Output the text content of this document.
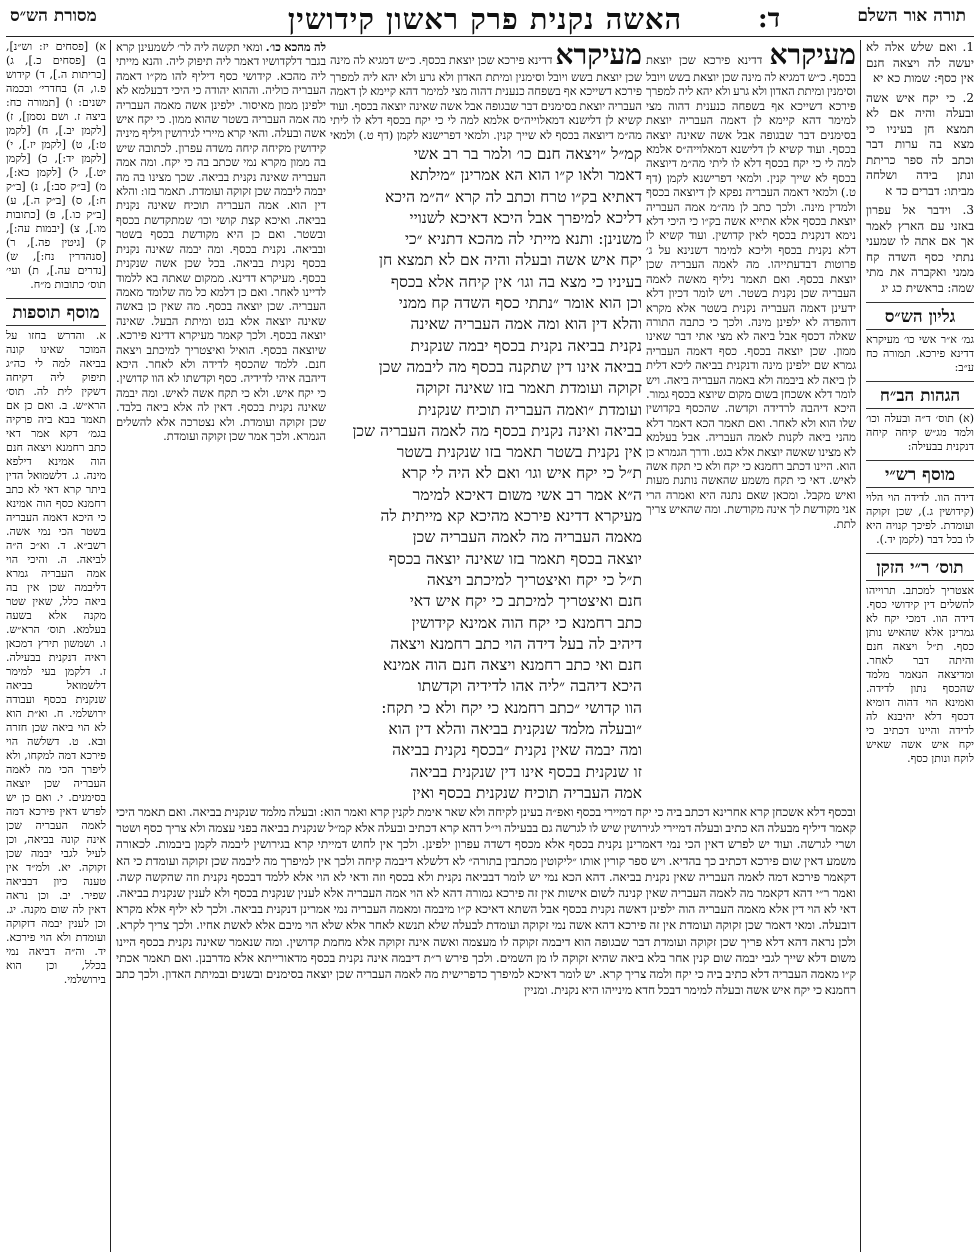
תורה אור השלם
ד:
האשה נקנית פרק ראשון קידושין
מסורת הש״ס
1. ואם שלש אלה לא יעשה לה ויצאה חנם אין כסף: שמות כא יא
2. כי יקח איש אשה ובעלה והיה אם לא תמצא חן בעיניו כי מצא בה ערות דבר וכתב לה ספר כריתת ונתן בידה ושלחה מביתו: דברים כד א
3. וידבר אל עפרון באזני עם הארץ לאמר אך אם אתה לו שמעני נתתי כסף השדה קח ממני ואקברה את מתי שמה: בראשית כג יג
גליון הש״ס
גמ׳ א״ר אשי כו׳ מעיקרא דדינא פירכא. תמורה כח ע״ב:
הגהות הב״ח
(א) תוס׳ ד״ה ובעלה וכו׳ ולמד מג״ש קיחה קיחה דנקנית בבעילה:
מוסף רש״י
דידה הוו. לדידה הוי הלוי (קידושין ג.), שכן זקוקה ועומדת. לפיכך קנויה היא לו בכל דבר (לקמן יד.).
תוס׳ ר״י הזקן
אצטריך למכתב. תרוייהו להשלים דין קידושי כסף. דידה הוו. דמכי יקח לא גמרינן אלא שהאיש נותן כסף. ת״ל ויצאה חנם והיתה דבר לאחר. ומדיצאה הנאמר מלמד שהכסף נתון לדידה. ואמינא הוי דהוה דומיא דכסף דלא יהיבנא לה לדידה והיינו דכתיב כי יקח איש אשה שאיש לוקח ונותן כסף.
א) [פסחים יז: וש״נ], ב) [פסחים כ.], ג) [כריתות ה.], ד) קידוש פ.ו, ה) בחדרי׳ ובכמה ישנים: ו) [תמורה כח: ביצה ז. ושם נסמן], ז) [לקמן יב.], ח) [לקמן ט:], ט) [לקמן יז.], י) [לקמן יד:], כ) [לקמן יט.], ל) [לקמן כא:], מ) [ב״ק סב:], נ) [ב״ק ח:], ס) [ב״ק ה.], ע) [ב״ק כו.], פ) [כתובות מו.], צ) [יבמות עה:], ק) [גיטין פה.], ר) [סנהדרין נח:], ש) [נדרים עה.], ת) ועי׳ תוס׳ כתובות מ״ח.
מוסף תוספות
א. והדרש בחזו על המוכר שאינו קונה בביאה למה לי כה״ג תיפוק ליה דקיחה דשקין לית לה. תוס׳ הרא״ש. ב. ואם כן אם תאמר בבא ביה פרקיה בגמ׳ דקא אמר דאי כתב רחמנא ויצאה חנם הוה אמינא דילפא מינה. ג. דלשמואל הדין ביתר קרא דאי לא כתב רחמנא כסף הוה אמינא כי היכא דאמה העבריה בשטר הכי נמי אשה. רשב״א. ד. וא״כ ה״ה לביאה. ה. והיכי הוי אמה העבריה גמרא דליבמה שכן אין בה ביאה כלל, שאין שטר מקנה אלא בשעה בעלמא. תוס׳ הרא״ש. ו. ושמשון תירץ דמכאן ראיה דנקנית בבעילה. ז. דלקמן בעי למימר דלשמואל בביאה שנקנית בכסף ועבודה ירושלמי. ח. וא״ת הוא לא הוי ביאה שכן חזרה ובא. ט. דשלשה הוי פירכא דמה למקחו, ולא ליפרך הכי מה לאמה העבריה שכן יוצאה בסימנים. י. ואם כן יש לפרש דאין פירכא דמה לאמה העבריה שכן אינה קונה בביאה, וכן לעיל לגבי יבמה שכן זקוקה. יא. ולמ״ד אין טענה כיון דבביאה שפיר. יב. וכן נראה דאין לה שום מקנה. יג. וכן לענין יבמה דזקוקה ועומדת ולא הוי פירכא. יד. וה״ה דביאה נמי בכלל, וכן הוא בירושלמי.
מעיקרא דדינא פירכא שכן יוצאת בכסף. כ״ש דמגיא לה מינה שכן יוצאת בשש ויובל וסימנין ומיתת האדון ולא גרע ולא יהא ליה למפרך פירכא דשייכא אף בשפחה כנענית דהוה מצי למימר דהא קיימא לן דאמה העבריה יוצאת בסימנים דבר שבגופה אבל אשה שאינה יוצאה בכסף. ועוד קשיא לן דלישנא דמאלוייה״ס אלמא למה לי כי יקח בכסף דלא לו ליתי מה״מ דיוצאה בכסף לא שייך קנין. ולמאי דפרישנא לקמן (דף ט.) ולמאי דאמה העבריה נפקא לן דיוצאה בכסף ולמדין מינה. ולכך כתב לן מה״מ אמה העבריה יוצאת בכסף אלא אתייא אשה בק״ו כי היכי דלא נימא דנקנית בכסף לאין קדושין. ועוד קשיא לן דלא נקנית בכסף וליכא למימר דשנינא על ג׳ פרוטות דבדעתייהו. מה לאמה העבריה שכן יוצאת בכסף. ואם תאמר ניליף מאשה לאמה העבריה שכן נקנית בשטר. ויש לומר דכיון דלא ידעינן דאמה העבריה נקנית בשטר אלא מקרא דוהפדה לא ילפינן מינה. ולכך כי כתבה התורה שאלה דכסף אבל ביאה לא מצי אתי דבר שאינו ממון. שכן יוצאה בכסף. כסף דאמה העבריה גמרא שם ילפינן מינה ודנקנית בביאה ליכא דלית לן ביאה לא ביבמה ולא באמה העבריה ביאה. ויש לומר דלא אשכחן בשום מקום שיוצא בכסף גמור. היכא דיהבה לרדידה וקדשה. שהכסף בקדושין שלו הוא ולא לאחר. ואם תאמר הכא דאמר דלא מהני ביאה לקנות לאמה העבריה. אבל בעלמא לא מצינו שאשה יוצאת אלא בגט. ודרך הגמרא כן הוא. היינו דכתב רחמנא כי יקח ולא כי תקח אשה לאיש. דאי כי תקח משמע שהאשה נותנת מעות ואיש מקבל. ומכאן שאם נתנה היא ואמרה הרי אני מקודשת לך אינה מקודשת. ומה שהאיש צריך לתת.
קמ״ל ״ויצאה חנם כו׳ ולמר בר רב אשי
דאמר ולאו ק״ו הוא הא אמרינן ״מילתא
דאתיא בק״ו טרח וכתב לה קרא ״ה״מ היכא
דליכא למיפרך אבל היכא דאיכא לשנויי
משנינן: ותנא מייתי לה מהכא דתניא ״כי
יקח איש אשה ובעלה והיה אם לא תמצא חן
בעיניו כי מצא בה וגו׳ אין קיחה אלא בכסף
וכן הוא אומר ״נתתי כסף השדה קח ממני
והלא דין הוא ומה אמה העבריה שאינה
נקנית בביאה נקנית בכסף יבמה שנקנית
בביאה אינו דין שתקנה בכסף מה ליבמה שכן
זקוקה ועומדת תאמר בזו שאינה זקוקה
ועומדת ״ואמה העבריה תוכיח שנקנית
בביאה ואינה נקנית בכסף מה לאמה העבריה שכן
אין נקנית בשטר תאמר בזו שנקנית בשטר
ת״ל כי יקח איש וגו׳ ואם לא היה לי קרא
ה״א אמר רב אשי משום דאיכא למימר
מעיקרא דדינא פירכא מהיכא קא מייתית לה
מאמה העבריה מה לאמה העבריה שכן
יוצאה בכסף תאמר בזו שאינה יוצאה בכסף
ת״ל כי יקח ואיצטריך למיכתב ויצאה
חנם ואיצטריך למיכתב כי יקח איש דאי
כתב רחמנא כי יקח הוה אמינא קידושין
דיהיב לה בעל דידה הוי כתב רחמנא ויצאה
חנם ואי כתב רחמנא ויצאה חנם הוה אמינא
היכא דיהבה ״ליה אהו לדידיה וקדשתו
הוו קדושי ״כתב רחמנא כי יקח ולא כי תקח:
״ובעלה מלמד שנקנית בביאה והלא דין הוא
ומה יבמה שאין נקנית ״בכסף נקנית בביאה
זו שנקנית בכסף אינו דין שנקנית בביאה
אמה העבריה תוכיח שנקנית בכסף ואין
מעיקרא דדינא פירכא שכן יוצאת בכסף. כ״ש דמגיא לה מינה שכן יוצאת בשש ויובל וסימנין ומיתת האדון ולא גרע ולא יהא ליה למפרך פירכא דשייכא אף בשפחה כנענית דהוה מצי למימר דהא קיימא לן דאמה העבריה יוצאת בסימנים דבר שבגופה אבל אשה שאינה יוצאה בכסף. ועוד קשיא לן דלישנא דמאלוייה״ס אלמא למה לי כי יקח בכסף דלא לו ליתי מה״מ דיוצאה בכסף לא שייך קנין. ולמאי דפרישנא לקמן (דף ט.) ולמאי
לה מהכא כו׳. ומאי תקשה ליה לר׳ לשמעינן קרא בגבר דלקדושיו דאמר ליה תיפוק ליה. והנא מייתי ליה מהכא. קידושי כסף דיליף להו מק״ו דאמה העבריה כוליה. וההוא יהודה כי היכי דבעלמא לא ילפינן ממון מאיסור. ילפינן אשה מאמה העבריה מה אמה העבריה בשטר שהוא ממון. כי יקח איש אשה ובעלה. והאי קרא מיירי לגירושין ויליף מיניה קידושין מקיחה קיחה משדה עפרון. לכתובה שיש בה ממון מקרא נמי שכתב בה כי יקח. ומה אמה העבריה שאינה נקנית בביאה. שכך מצינו בה מה יבמה ליבמה שכן זקוקה ועומדת. תאמר בזו: והלא דין הוא. אמה העבריה תוכיח שאינה נקנית בביאה. ואיכא קצת קושי וכו׳ שמתקדשת בכסף ובשטר. ואם כן היא מקודשת בכסף בשטר ובביאה. נקנית בכסף. ומה יבמה שאינה נקנית בכסף נקנית בביאה. בכל שכן אשה שנקנית בכסף. מעיקרא דדינא. ממקום שאתה בא ללמוד לדיינו לאחר. ואם כן דלמא כל מה שלומד מאמה העבריה. שכן יוצאה בכסף. מה שאין כן באשה שאינה יוצאה אלא בגט ומיתת הבעל. שאינה יוצאה בכסף. ולכך קאמר מעיקרא דדינא פירכא. שיוצאה בכסף. הואיל ואיצטריך למיכתב ויצאה חנם. ללמד שהכסף לדידה ולא לאחר. היכא דיהבה איהי לדידיה. כסף וקדשתו לא הוו קדושין. כי יקח איש. ולא כי תקח אשה לאיש. ומה יבמה שאינה נקנית בכסף. דאין לה אלא ביאה בלבד. שכן זקוקה ועומדת. ולא נצטרכה אלא להשלים הגמרא. ולכך אמר שכן זקוקה ועומדת.
ובכסף דלא אשכחן קרא אחרינא דכתב ביה כי יקח דמיירי בכסף ואפ״ה בעינן לקיחה ולא שאר אימת לקנין קרא ואמר הוא: ובעלה מלמד שנקנית בביאה. ואם תאמר היכי קאמר דיליף מבעלה הא כתיב ובעלה דמיירי לגירושין שיש לו לגרשה גם בבעילה וי״ל דהא קרא דכתיב ובעלה אלא קמ״ל שנקנית בביאה בפני עצמה ולא צריך כסף ושטר ושרי לגרשה. ועוד יש לפרש דאין הכי נמי דאמרינן נקנית בכסף אלא מכסף דשדה עפרון ילפינן. ולכך אין לחוש דמייתי קרא בגירושין ליבמה לקמן ביבמות. לכאורה משמע דאין שום פירכא דכתיב כך בהדיא. ויש ספר קורין אותו ״ליקוטין מכתבין בתורה״ לא דלשלא דיבמה קיחה ולכך אין למיפרך מה ליבמה שכן זקוקה ועומדת כי הא דקאמר פירכא דמה לאמה העבריה שאין נקנית בביאה. דהא הכא נמי יש לומר דבביאה נקנית ולא בכסף וזה ודאי לא הוי אלא ללמד דבכסף נקנית וזה שהקשה קשה. ואמר ר״י דהא דקאמר מה לאמה העבריה שאין קנינה לשום אישות אין זה פירכא גמורה דהא לא הוי אמה העבריה אלא לענין שנקנית בכסף ולא לענין שנקנית בביאה. דאי לא הוי דין אלא מאמה העבריה הוה ילפינן דאשה נקנית בכסף אבל השתא דאיכא ק״ו מיבמה ומאמה העבריה נמי אמרינן דנקנית בביאה. ולכך לא יליף אלא מקרא דובעלה. ומאי דאמר שכן זקוקה ועומדת אין זה פירכא דהא אשה נמי זקוקה ועומדת לבעלה שלא תנשא לאחר אלא שלא הוי מיבם אלא לאשת אחיו. ולכך צריך לקרא. ולכן נראה דהא דלא פריך שכן זקוקה ועומדת דבר שבגופה הוא דיבמה זקוקה לו מעצמה ואשה אינה זקוקה אלא מחמת קדושין. ומה שנאמר שאינה נקנית בכסף היינו משום דלא שייך לגבי יבמה שום קנין אחר בלא ביאה שהיא זקוקה לו מן השמים. ולכך פירש ר״ת דיבמה אינה נקנית בכסף מדאורייתא אלא מדרבנן. ואם תאמר אכתי ק״ו מאמה העבריה דלא כתיב ביה כי יקח ולמה צריך קרא. יש לומר דאיכא למיפרך כדפרישית מה לאמה העבריה שכן יוצאה בסימנים ובשנים ובמיתת האדון. ולכך כתב רחמנא כי יקח איש אשה ובעלה למימר דבכל חדא מינייהו היא נקנית. ומניין
